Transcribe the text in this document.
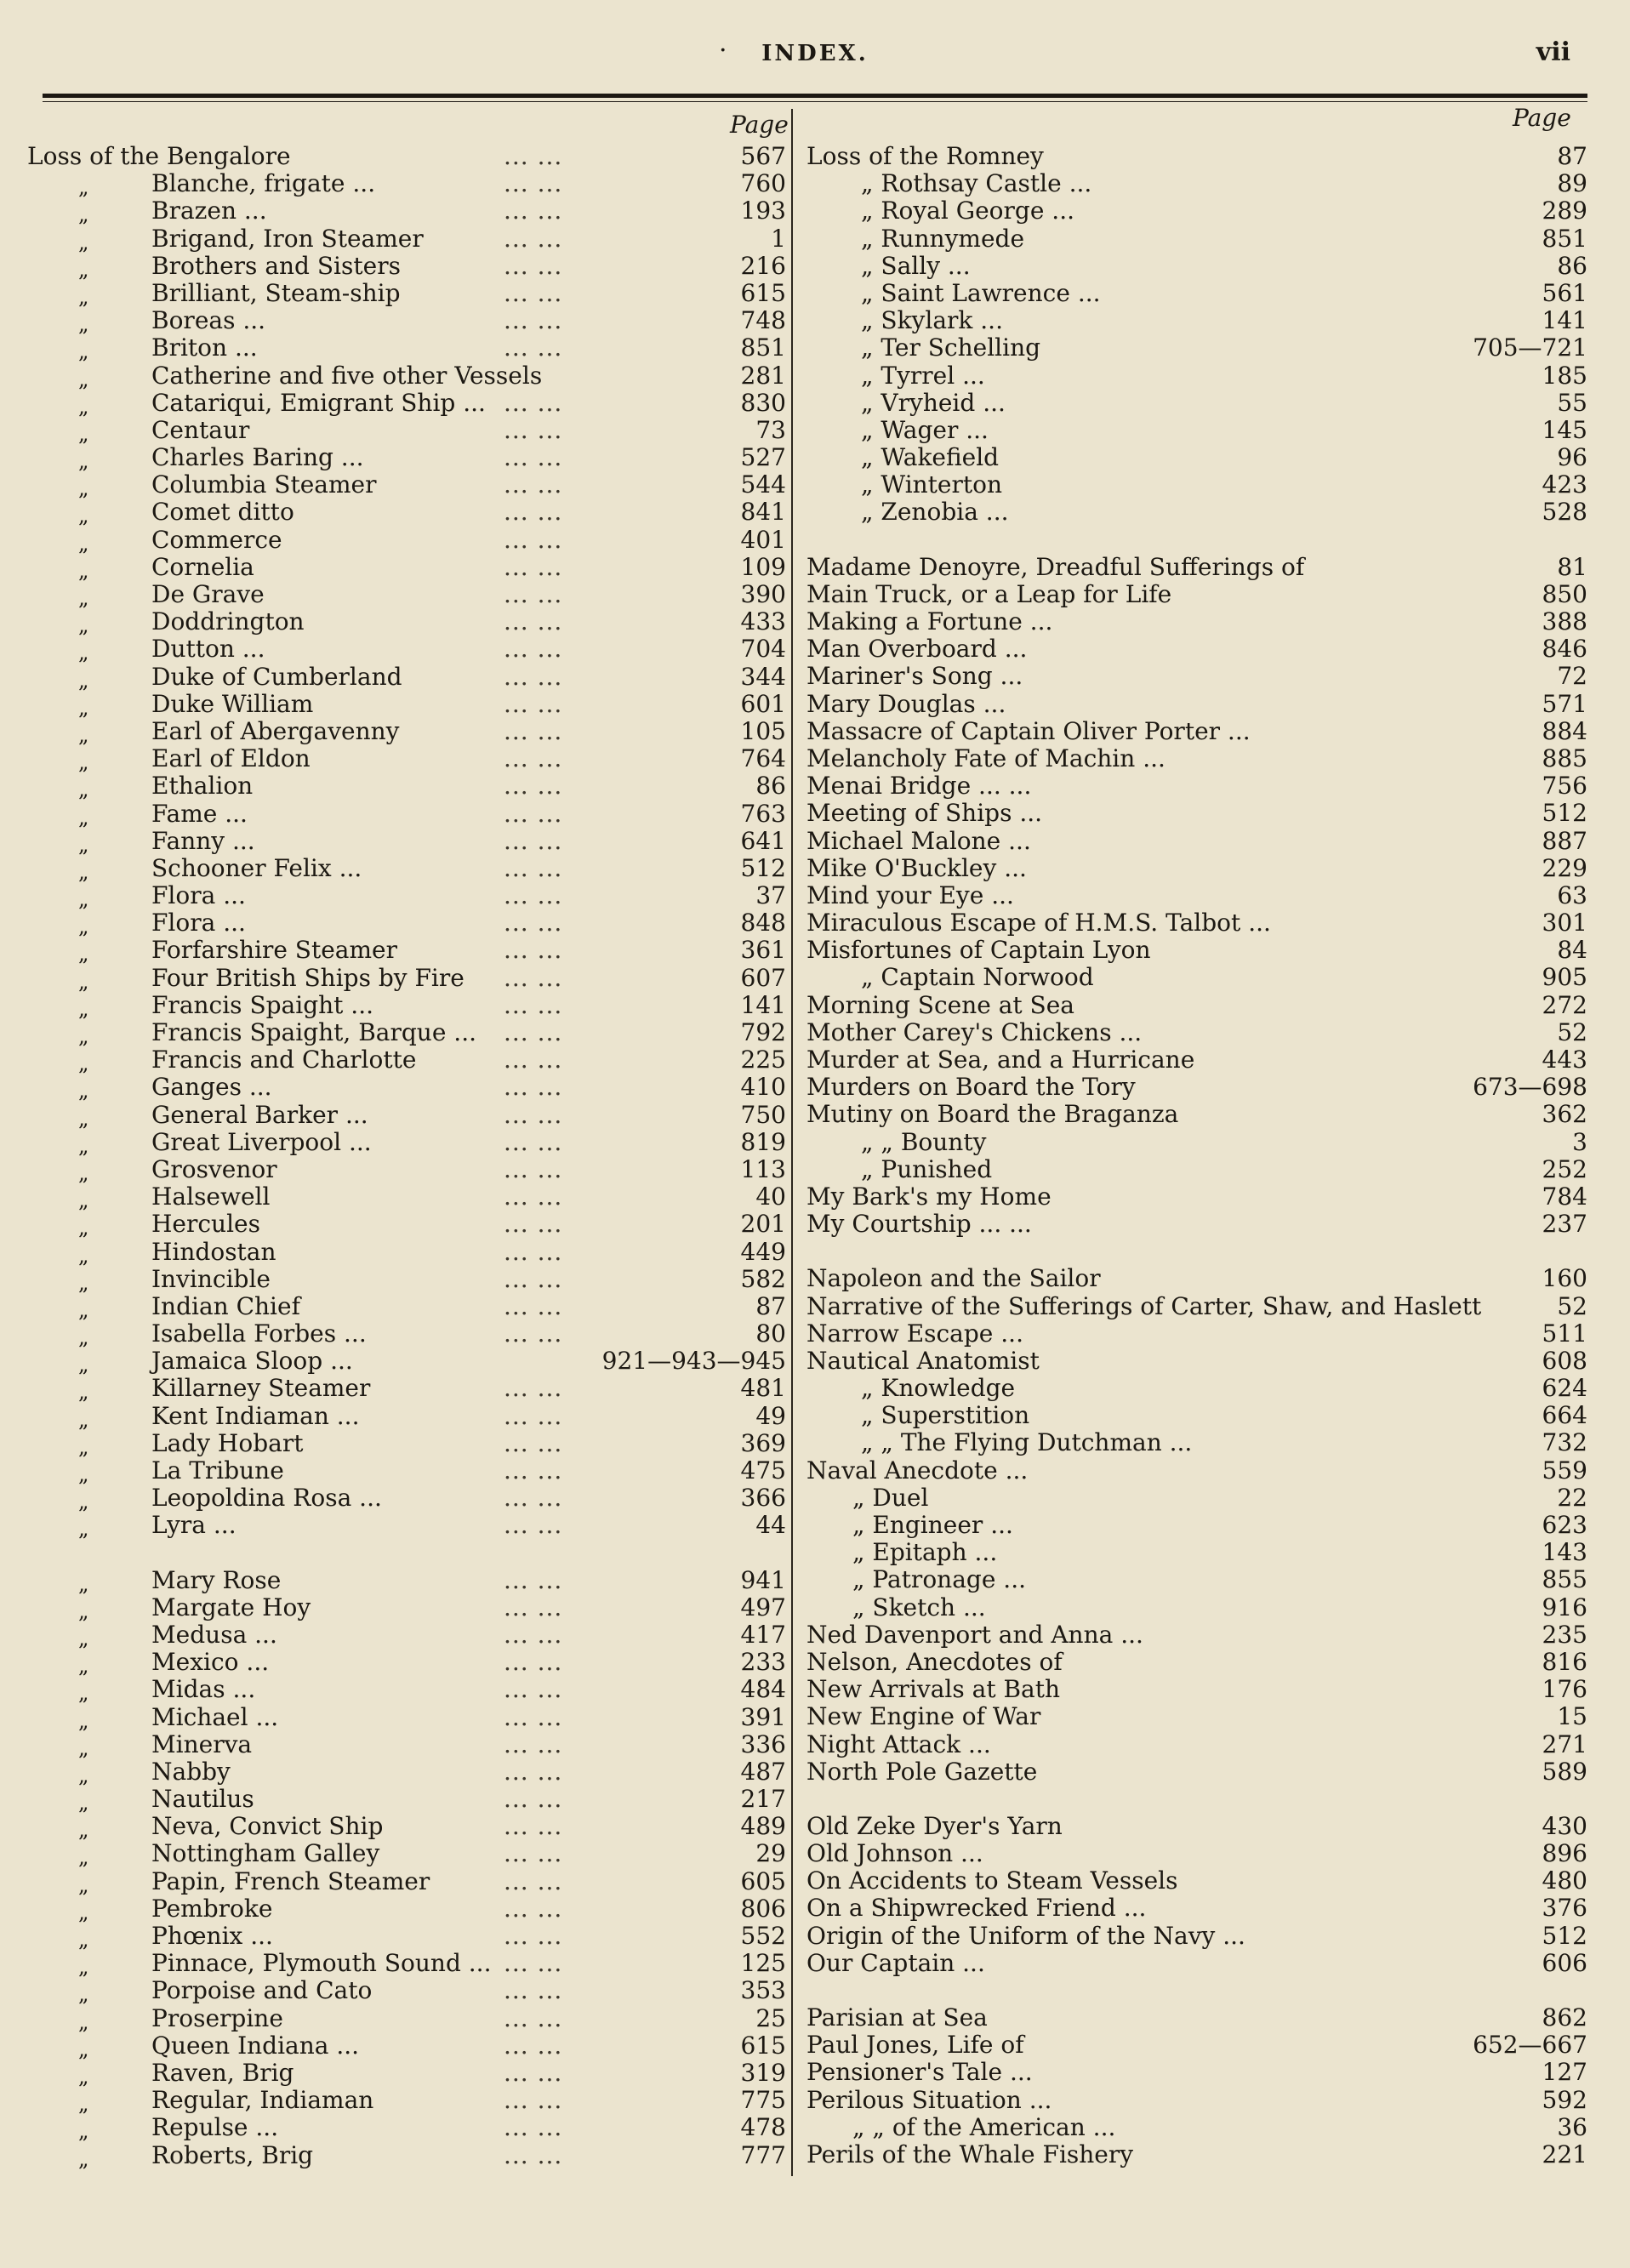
·	INDEX.	vii
Page	Page
Loss of the Bengalore	... ...	567
„	Blanche, frigate ...	... ...	760
„	Brazen ...	... ...	193
„	Brigand, Iron Steamer	... ...	1
„	Brothers and Sisters	... ...	216
„	Brilliant, Steam-ship	... ...	615
„	Boreas ...	... ...	748
„	Briton ...	... ...	851
„	Catherine and five other Vessels	281
„	Catariqui, Emigrant Ship ... ... ...	830
„	Centaur	... ...	73
„	Charles Baring ...	... ...	527
„	Columbia Steamer	... ...	544
„	Comet ditto	... ...	841
„	Commerce	... ...	401
„	Cornelia	... ...	109
„	De Grave	... ...	390
„	Doddrington	... ...	433
„	Dutton ...	... ...	704
„	Duke of Cumberland	... ...	344
„	Duke William	... ...	601
„	Earl of Abergavenny	... ...	105
„	Earl of Eldon	... ...	764
„	Ethalion	... ...	86
„	Fame ...	... ...	763
„	Fanny ...	... ...	641
„	Schooner Felix ...	... ...	512
„	Flora ...	... ...	37
„	Flora ...	... ...	848
„	Forfarshire Steamer	... ...	361
„	Four British Ships by Fire ... ...	607
„	Francis Spaight ...	... ...	141
„	Francis Spaight, Barque ... ... ...	792
„	Francis and Charlotte	... ...	225
„	Ganges ...	... ...	410
„	General Barker ...	... ...	750
„	Great Liverpool ...	... ...	819
„	Grosvenor	... ...	113
„	Halsewell	... ...	40
„	Hercules	... ...	201
„	Hindostan	... ...	449
„	Invincible	... ...	582
„	Indian Chief	... ...	87
„	Isabella Forbes ...	... ...	80
„	Jamaica Sloop ...	921—943—945
„	Killarney Steamer	... ...	481
„	Kent Indiaman ...	... ...	49
„	Lady Hobart	... ...	369
„	La Tribune	... ...	475
„	Leopoldina Rosa ...	... ...	366
„	Lyra ...	... ...	44
„	Mary Rose	... ...	941
„	Margate Hoy	... ...	497
„	Medusa ...	... ...	417
„	Mexico ...	... ...	233
„	Midas ...	... ...	484
„	Michael ...	... ...	391
„	Minerva	... ...	336
„	Nabby	... ...	487
„	Nautilus	... ...	217
„	Neva, Convict Ship	... ...	489
„	Nottingham Galley	... ...	29
„	Papin, French Steamer	... ...	605
„	Pembroke	... ...	806
„	Phœnix ...	... ...	552
„	Pinnace, Plymouth Sound ... ... ...	125
„	Porpoise and Cato	... ...	353
„	Proserpine	... ...	25
„	Queen Indiana ...	... ...	615
„	Raven, Brig	... ...	319
„	Regular, Indiaman	... ...	775
„	Repulse ...	... ...	478
„	Roberts, Brig	... ...	777
Loss of the Romney	87
„ Rothsay Castle ...	89
„ Royal George ...	289
„ Runnymede	851
„ Sally ...	86
„ Saint Lawrence ...	561
„ Skylark ...	141
„ Ter Schelling	705—721
„ Tyrrel ...	185
„ Vryheid ...	55
„ Wager ...	145
„ Wakefield	96
„ Winterton	423
„ Zenobia ...	528
Madame Denoyre, Dreadful Sufferings of	81
Main Truck, or a Leap for Life	850
Making a Fortune ...	388
Man Overboard ...	846
Mariner's Song ...	72
Mary Douglas ...	571
Massacre of Captain Oliver Porter ...	884
Melancholy Fate of Machin ...	885
Menai Bridge ... ...	756
Meeting of Ships ...	512
Michael Malone ...	887
Mike O'Buckley ...	229
Mind your Eye ...	63
Miraculous Escape of H.M.S. Talbot ...	301
Misfortunes of Captain Lyon	84
„ Captain Norwood	905
Morning Scene at Sea	272
Mother Carey's Chickens ...	52
Murder at Sea, and a Hurricane	443
Murders on Board the Tory	673—698
Mutiny on Board the Braganza	362
„ „ Bounty	3
„ Punished	252
My Bark's my Home	784
My Courtship ... ...	237
Napoleon and the Sailor	160
Narrative of the Sufferings of Carter, Shaw, and Haslett	52
Narrow Escape ...	511
Nautical Anatomist	608
„ Knowledge	624
„ Superstition	664
„ „ The Flying Dutchman ...	732
Naval Anecdote ...	559
„ Duel	22
„ Engineer ...	623
„ Epitaph ...	143
„ Patronage ...	855
„ Sketch ...	916
Ned Davenport and Anna ...	235
Nelson, Anecdotes of	816
New Arrivals at Bath	176
New Engine of War	15
Night Attack ...	271
North Pole Gazette	589
Old Zeke Dyer's Yarn	430
Old Johnson ...	896
On Accidents to Steam Vessels	480
On a Shipwrecked Friend ...	376
Origin of the Uniform of the Navy ...	512
Our Captain ...	606
Parisian at Sea	862
Paul Jones, Life of	652—667
Pensioner's Tale ...	127
Perilous Situation ...	592
„ „ of the American ...	36
Perils of the Whale Fishery	221
